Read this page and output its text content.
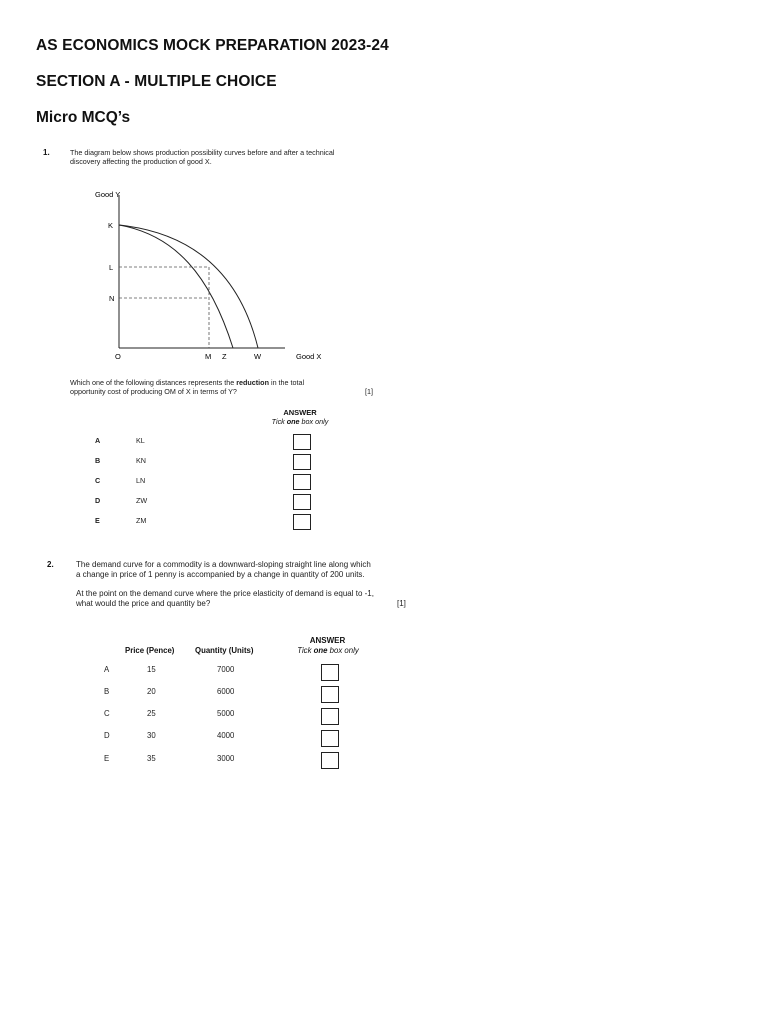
AS ECONOMICS MOCK PREPARATION 2023-24
SECTION A - MULTIPLE CHOICE
Micro MCQ’s
1.	The diagram below shows production possibility curves before and after a technical
discovery affecting the production of good X.
Good Y
K
L
N
O	M Z	W	Good X
Which one of the following distances represents the reduction in the total
opportunity cost of producing OM of X in terms of Y?	[1]
ANSWER
Tick one box only
A	KL
B	KN
C	LN
D	ZW
E	ZM
2.	The demand curve for a commodity is a downward-sloping straight line along which
a change in price of 1 penny is accompanied by a change in quantity of 200 units.
At the point on the demand curve where the price elasticity of demand is equal to -1,
what would the price and quantity be?	[1]
ANSWER
Tick one box only
Price (Pence)	Quantity (Units)
A	15	7000
B	20	6000
C	25	5000
D	30	4000
E	35	3000
